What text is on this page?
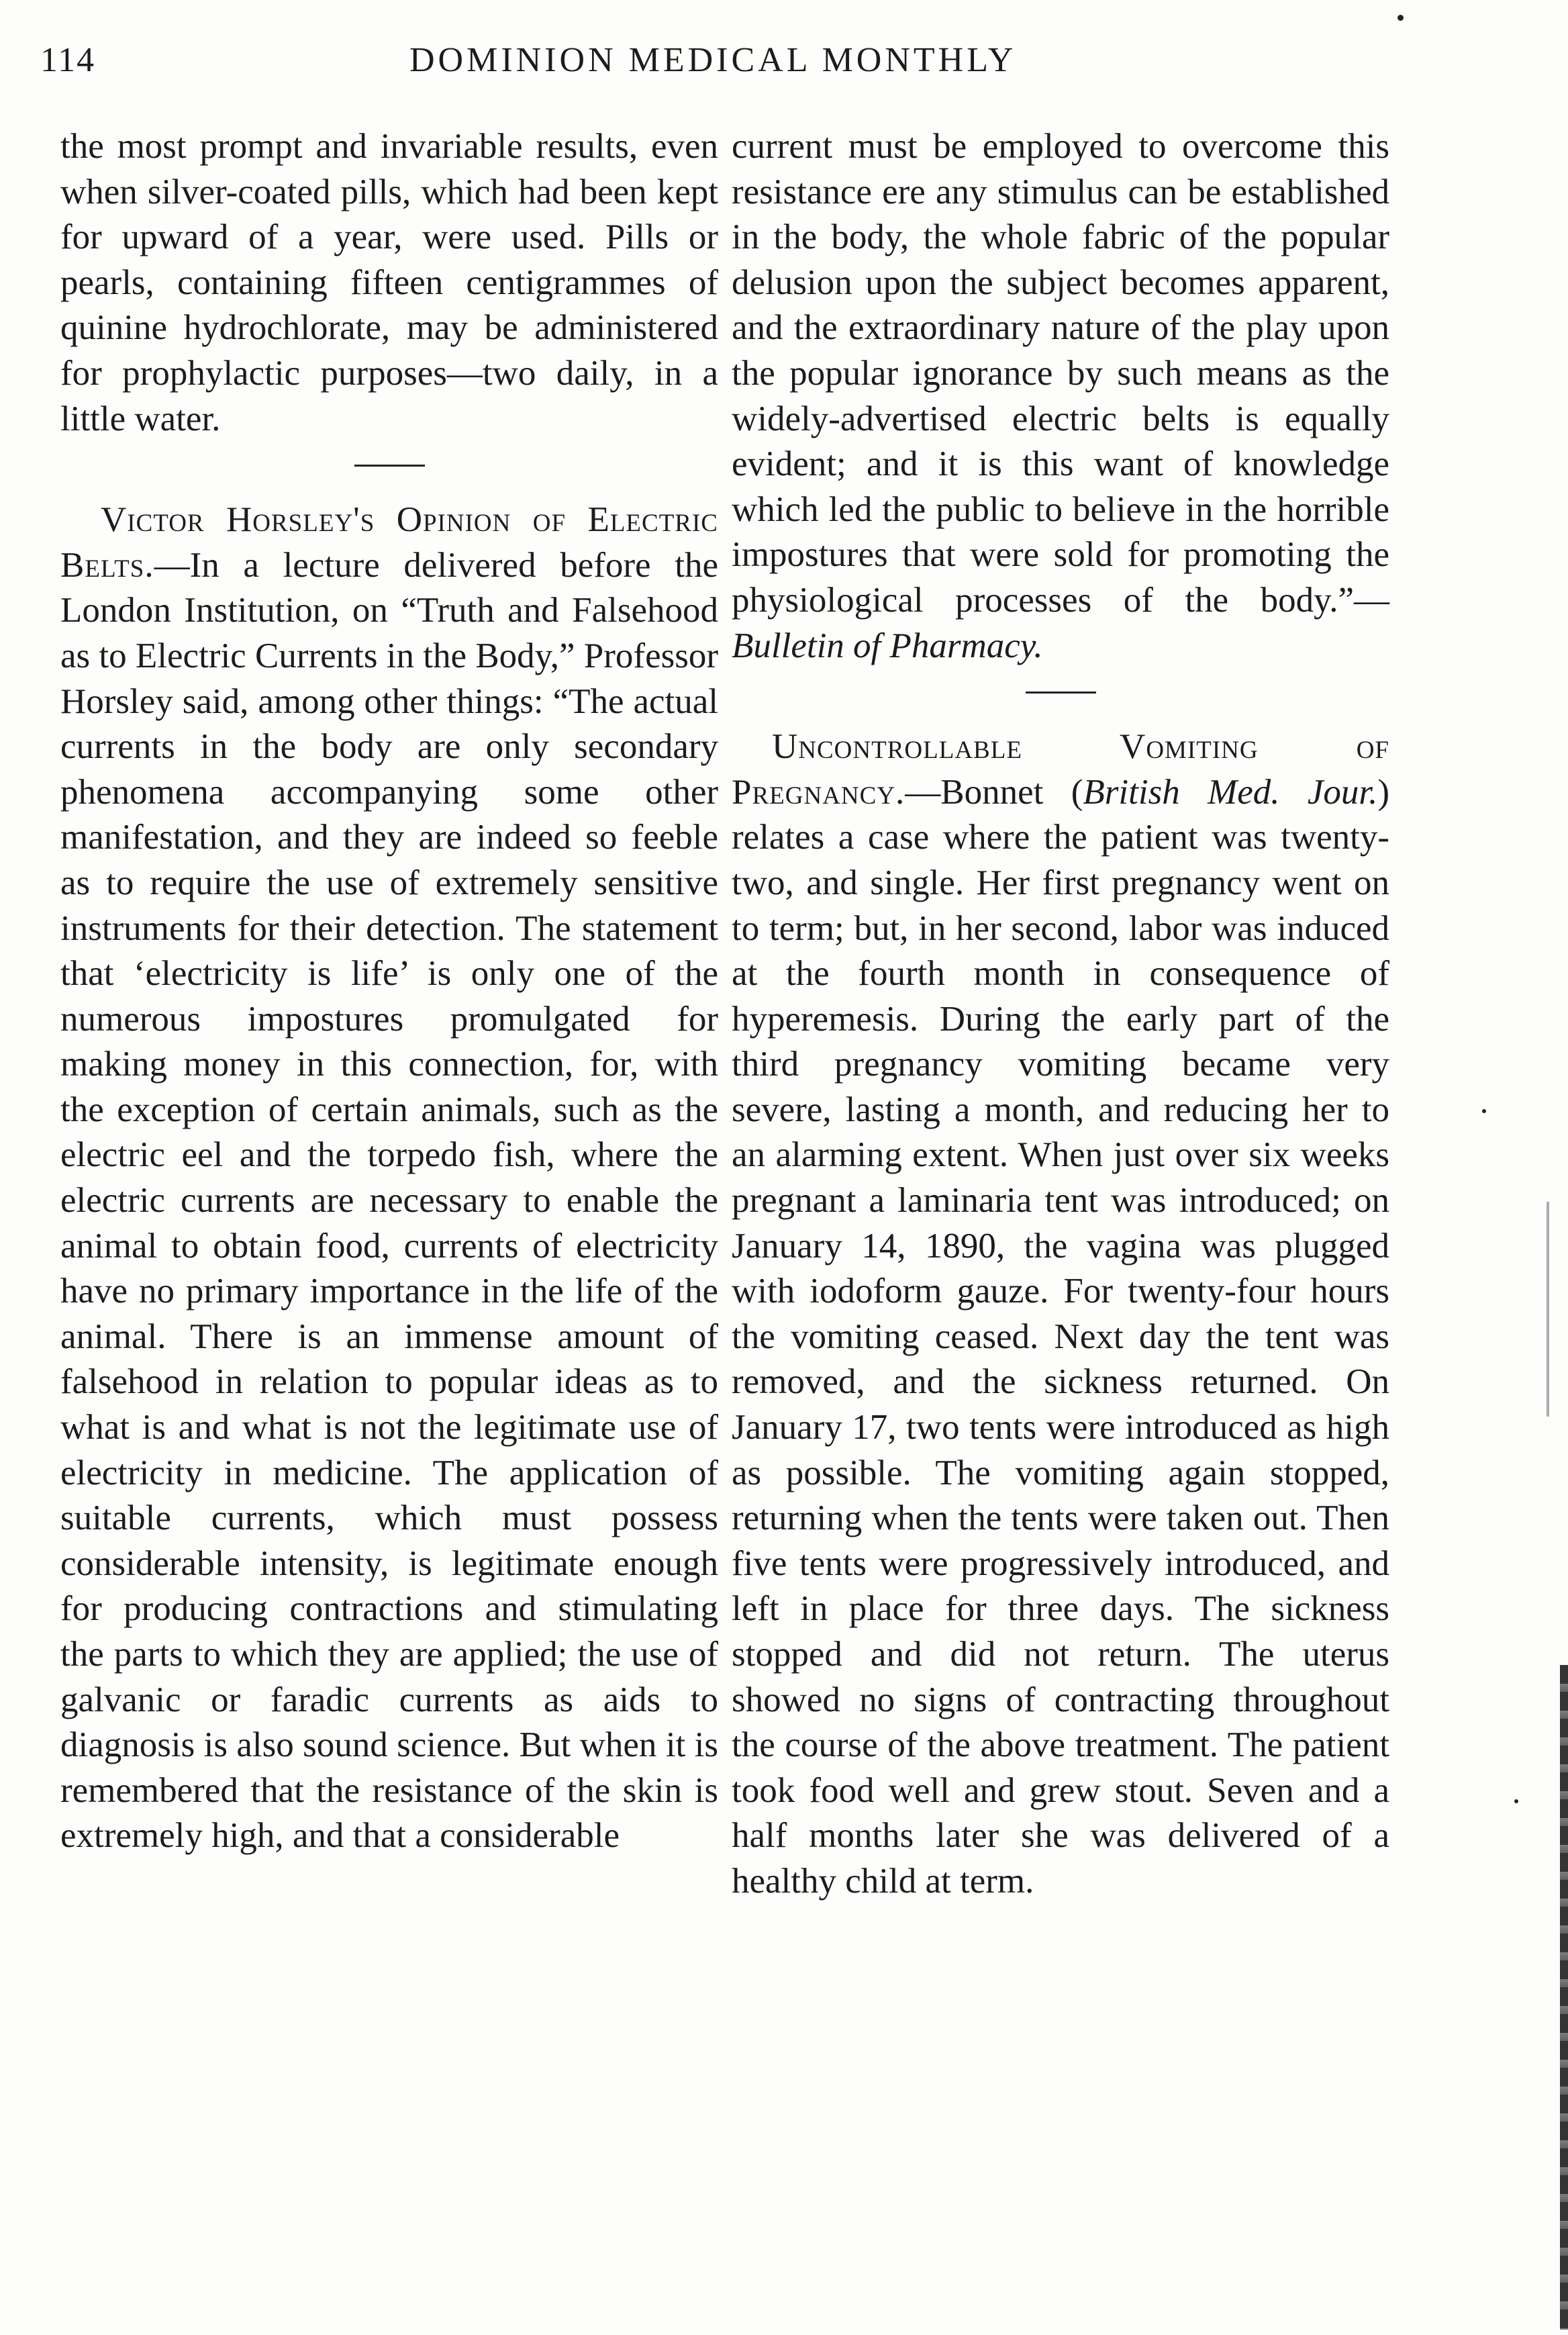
114	DOMINION MEDICAL MONTHLY

the most prompt and invariable results, even when silver-coated pills, which had been kept for upward of a year, were used. Pills or pearls, containing fifteen centigrammes of quinine hydrochlorate, may be administered for prophylactic purposes—two daily, in a little water.

Victor Horsley's Opinion of Electric Belts.—In a lecture delivered before the London Institution, on “Truth and Falsehood as to Electric Currents in the Body,” Professor Horsley said, among other things: “The actual currents in the body are only secondary phenomena accompanying some other manifestation, and they are indeed so feeble as to require the use of extremely sensitive instruments for their detection. The statement that ‘electricity is life’ is only one of the numerous impostures promulgated for making money in this connection, for, with the exception of certain animals, such as the electric eel and the torpedo fish, where the electric currents are necessary to enable the animal to obtain food, currents of electricity have no primary importance in the life of the animal. There is an immense amount of falsehood in relation to popular ideas as to what is and what is not the legitimate use of electricity in medicine. The application of suitable currents, which must possess considerable intensity, is legitimate enough for producing contractions and stimulating the parts to which they are applied; the use of galvanic or faradic currents as aids to diagnosis is also sound science. But when it is remembered that the resistance of the skin is extremely high, and that a considerable

current must be employed to overcome this resistance ere any stimulus can be established in the body, the whole fabric of the popular delusion upon the subject becomes apparent, and the extraordinary nature of the play upon the popular ignorance by such means as the widely-advertised electric belts is equally evident; and it is this want of knowledge which led the public to believe in the horrible impostures that were sold for promoting the physiological processes of the body.”—Bulletin of Pharmacy.

Uncontrollable Vomiting of Pregnancy.—Bonnet (British Med. Jour.) relates a case where the patient was twenty-two, and single. Her first pregnancy went on to term; but, in her second, labor was induced at the fourth month in consequence of hyperemesis. During the early part of the third pregnancy vomiting became very severe, lasting a month, and reducing her to an alarming extent. When just over six weeks pregnant a laminaria tent was introduced; on January 14, 1890, the vagina was plugged with iodoform gauze. For twenty-four hours the vomiting ceased. Next day the tent was removed, and the sickness returned. On January 17, two tents were introduced as high as possible. The vomiting again stopped, returning when the tents were taken out. Then five tents were progressively introduced, and left in place for three days. The sickness stopped and did not return. The uterus showed no signs of contracting throughout the course of the above treatment. The patient took food well and grew stout. Seven and a half months later she was delivered of a healthy child at term.
